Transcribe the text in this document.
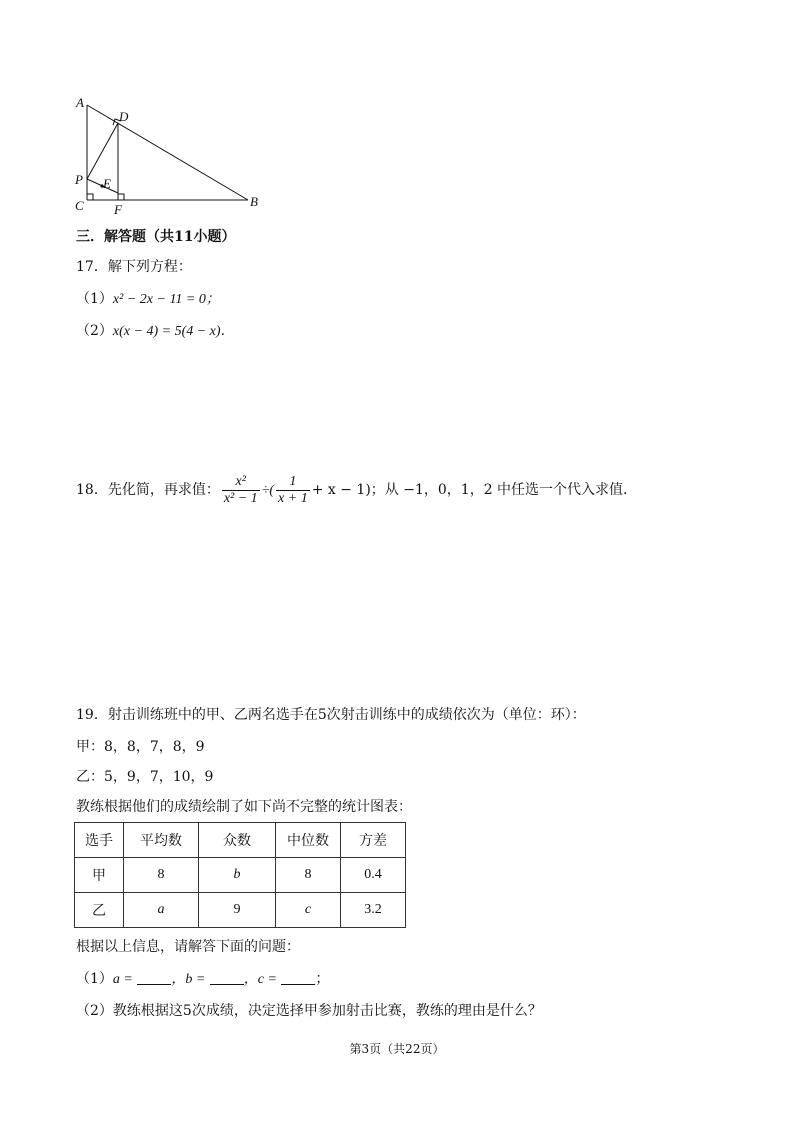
A
D
P E
C F
B
三．解答题（共11小题）
17．解下列方程：
（1）x² − 2x − 11 = 0；
（2）x(x − 4) = 5(4 − x)．
18．先化简，再求值： $\frac{\text{x²}}{\text{x² − 1}}$ ÷( $\frac{1}{x + 1} + x - 1$)；从 −1，0，1，2 中任选一个代入求值．
19．射击训练班中的甲、乙两名选手在5次射击训练中的成绩依次为（单位：环）：
甲：8，8，7，8，9
乙：5，9，7，10，9
教练根据他们的成绩绘制了如下尚不完整的统计图表：
选手	平均数	众数	中位数	方差
甲	8	b	8	0.4
乙	a	9	c	3.2
根据以上信息，请解答下面的问题：
（1）a =	，b =	，c =	；
（2）教练根据这5次成绩，决定选择甲参加射击比赛，教练的理由是什么？
第3页（共22页）
